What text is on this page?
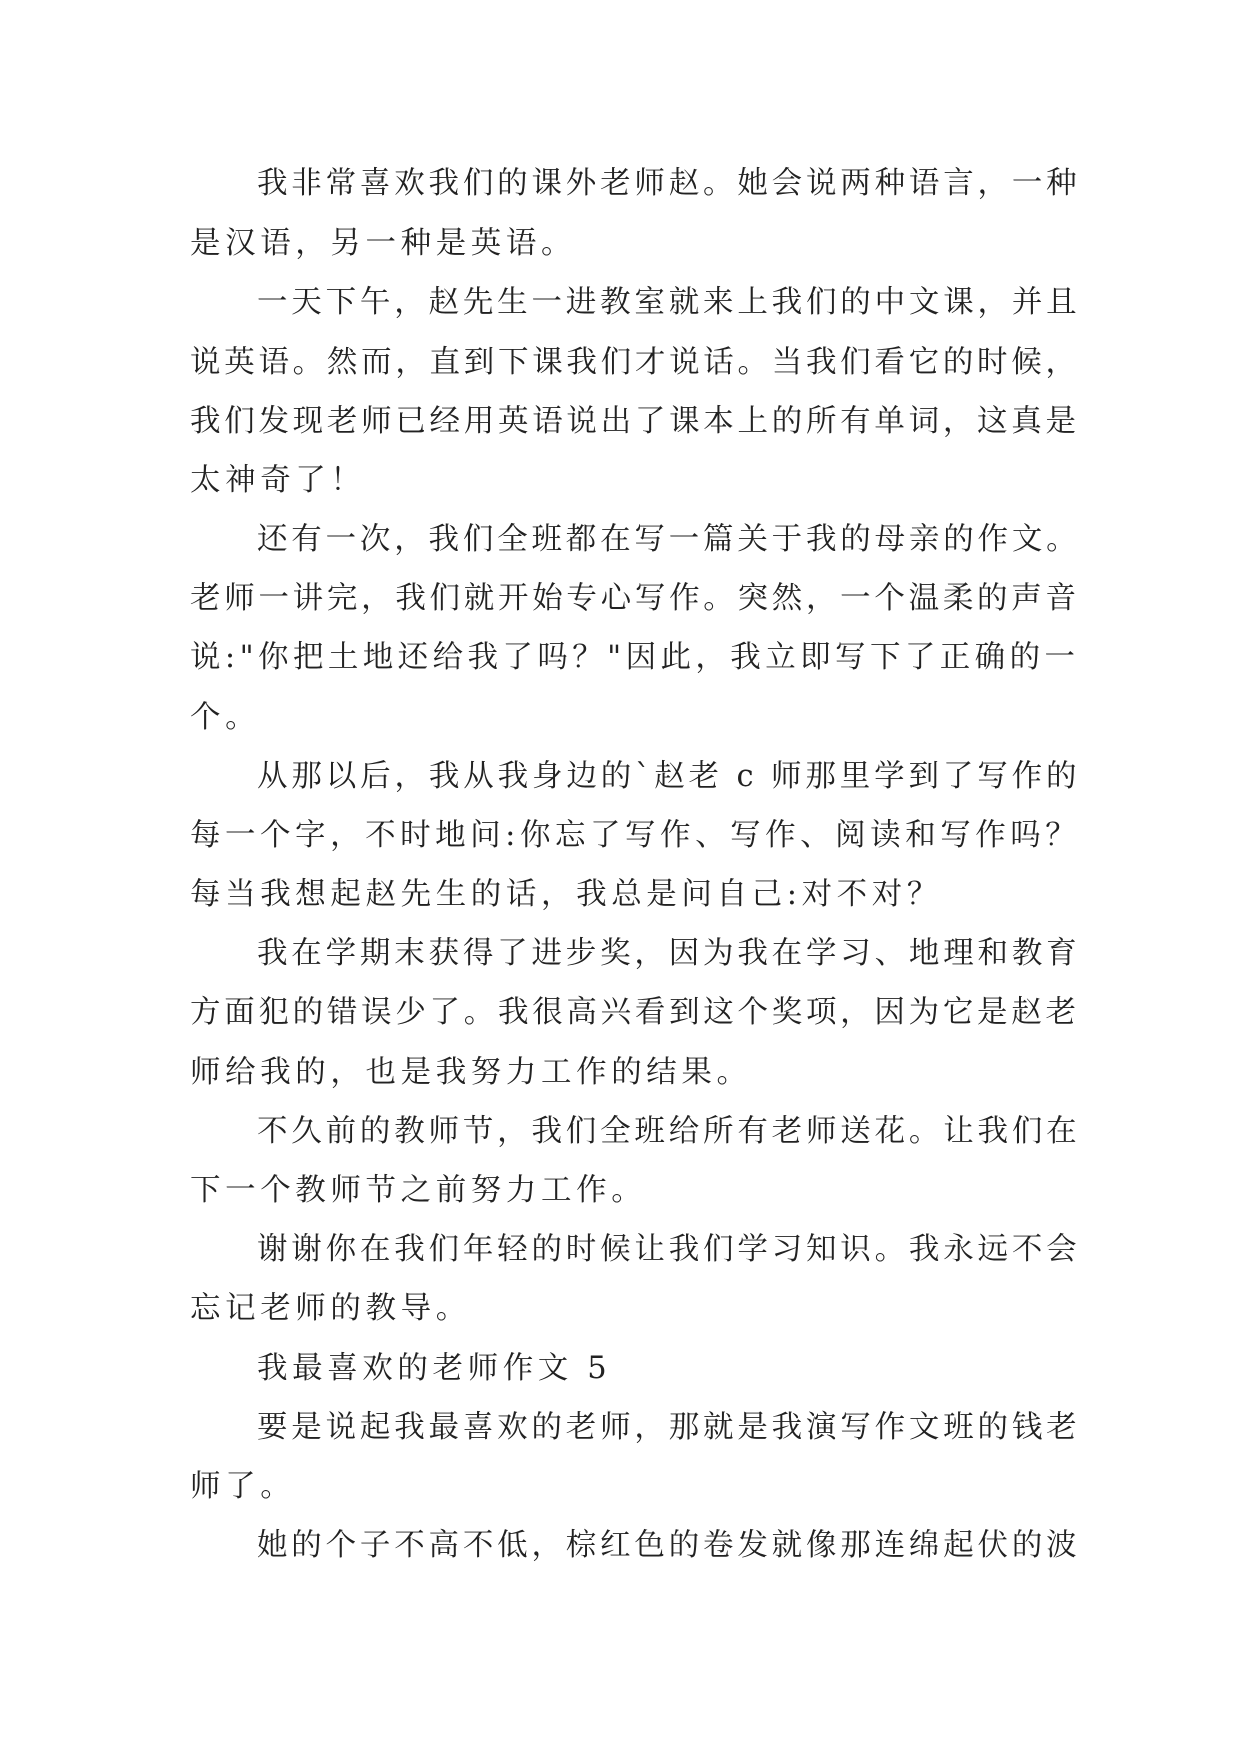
我非常喜欢我们的课外老师赵。她会说两种语言，一种

是汉语，另一种是英语。

一天下午，赵先生一进教室就来上我们的中文课，并且

说英语。然而，直到下课我们才说话。当我们看它的时候，

我们发现老师已经用英语说出了课本上的所有单词，这真是

太神奇了！

还有一次，我们全班都在写一篇关于我的母亲的作文。

老师一讲完，我们就开始专心写作。突然，一个温柔的声音

说:"你把土地还给我了吗？"因此，我立即写下了正确的一

个。

从那以后，我从我身边的`赵老 c 师那里学到了写作的

每一个字，不时地问:你忘了写作、写作、阅读和写作吗？

每当我想起赵先生的话，我总是问自己:对不对？

我在学期末获得了进步奖，因为我在学习、地理和教育

方面犯的错误少了。我很高兴看到这个奖项，因为它是赵老

师给我的，也是我努力工作的结果。

不久前的教师节，我们全班给所有老师送花。让我们在

下一个教师节之前努力工作。

谢谢你在我们年轻的时候让我们学习知识。我永远不会

忘记老师的教导。

我最喜欢的老师作文 5

要是说起我最喜欢的老师，那就是我演写作文班的钱老

师了。

她的个子不高不低，棕红色的卷发就像那连绵起伏的波
